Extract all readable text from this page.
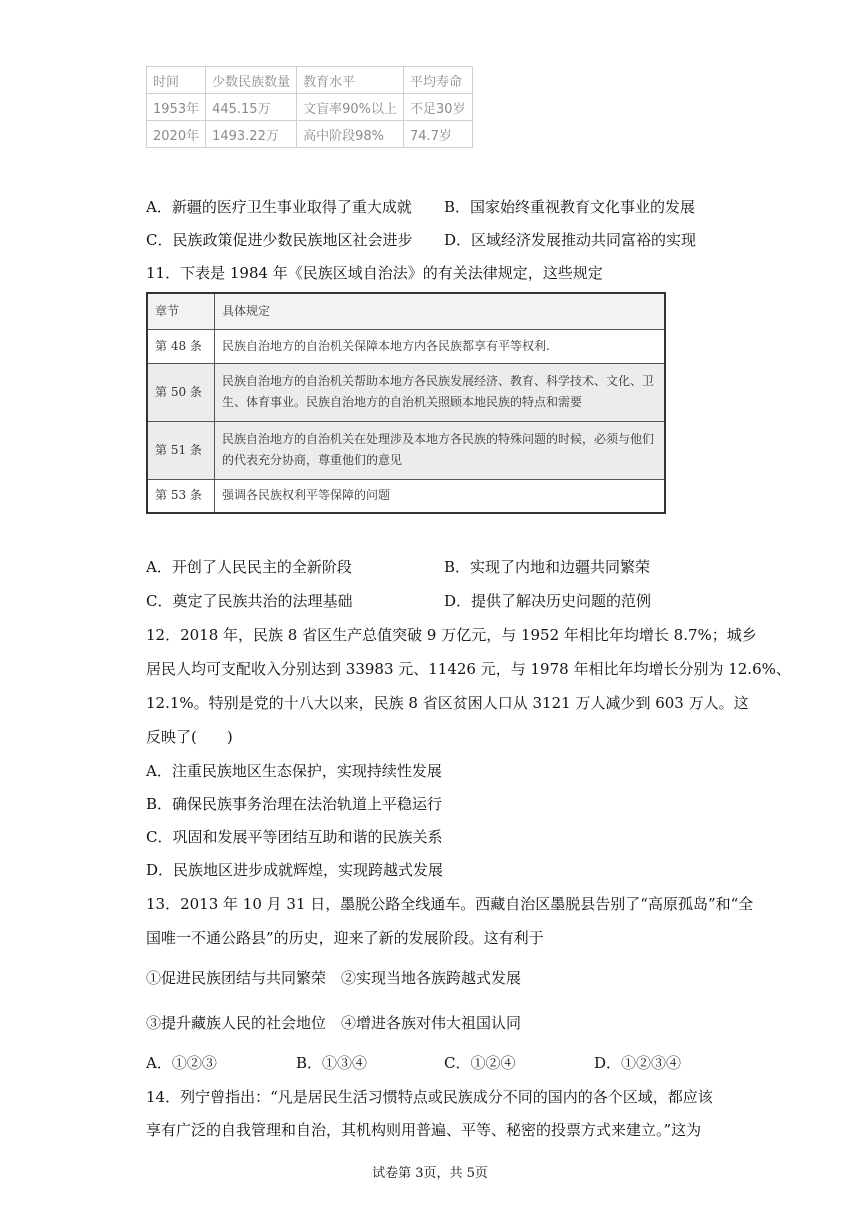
时间	少数民族数量	教育水平	平均寿命
1953年	445.15万	文盲率90%以上	不足30岁
2020年	1493.22万	高中阶段98%	74.7岁
A．新疆的医疗卫生事业取得了重大成就 B．国家始终重视教育文化事业的发展
C．民族政策促进少数民族地区社会进步 D．区域经济发展推动共同富裕的实现
11．下表是 1984 年《民族区域自治法》的有关法律规定，这些规定
章节	具体规定
第 48 条	民族自治地方的自治机关保障本地方内各民族都享有平等权利.
第 50 条	民族自治地方的自治机关帮助本地方各民族发展经济、教育、科学技术、文化、卫生、体育事业。民族自治地方的自治机关照顾本地民族的特点和需要
第 51 条	民族自治地方的自治机关在处理涉及本地方各民族的特殊问题的时候，必须与他们的代表充分协商，尊重他们的意见
第 53 条	强调各民族权利平等保障的问题
A．开创了人民民主的全新阶段	B．实现了内地和边疆共同繁荣
C．奠定了民族共治的法理基础	D．提供了解决历史问题的范例
12．2018 年，民族 8 省区生产总值突破 9 万亿元，与 1952 年相比年均增长 8.7%；城乡
居民人均可支配收入分别达到 33983 元、11426 元，与 1978 年相比年均增长分别为 12.6%、
12.1%。特别是党的十八大以来，民族 8 省区贫困人口从 3121 万人减少到 603 万人。这
反映了(　　)
A．注重民族地区生态保护，实现持续性发展
B．确保民族事务治理在法治轨道上平稳运行
C．巩固和发展平等团结互助和谐的民族关系
D．民族地区进步成就辉煌，实现跨越式发展
13．2013 年 10 月 31 日，墨脱公路全线通车。西藏自治区墨脱县告别了“高原孤岛”和“全
国唯一不通公路县”的历史，迎来了新的发展阶段。这有利于
①促进民族团结与共同繁荣　②实现当地各族跨越式发展
③提升藏族人民的社会地位　④增进各族对伟大祖国认同
A．①②③	B．①③④	C．①②④	D．①②③④
14．列宁曾指出：“凡是居民生活习惯特点或民族成分不同的国内的各个区域，都应该
享有广泛的自我管理和自治，其机构则用普遍、平等、秘密的投票方式来建立。”这为
试卷第 3页，共 5页
